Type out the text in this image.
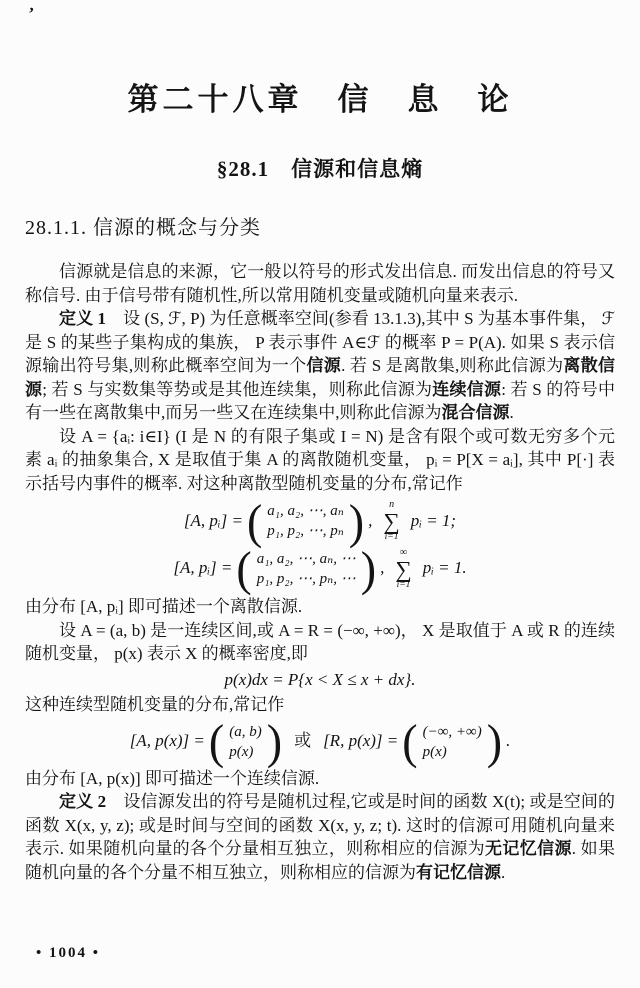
ʼ
第二十八章　信　息　论
§28.1　信源和信息熵
28.1.1. 信源的概念与分类

信源就是信息的来源，它一般以符号的形式发出信息. 而发出信息的符号又称信号. 由于信号带有随机性,所以常用随机变量或随机向量来表示.

定义 1　设 (S, ℱ, P) 为任意概率空间(参看 13.1.3),其中 S 为基本事件集， ℱ 是 S 的某些子集构成的集族， P 表示事件 A∈ℱ 的概率 P = P(A). 如果 S 表示信源输出符号集,则称此概率空间为一个信源. 若 S 是离散集,则称此信源为离散信源; 若 S 与实数集等势或是其他连续集，则称此信源为连续信源: 若 S 的符号中有一些在离散集中,而另一些又在连续集中,则称此信源为混合信源.

设 A = {aᵢ: i∈I} (I 是 N 的有限子集或 I = N) 是含有限个或可数无穷多个元素 aᵢ 的抽象集合, X 是取值于集 A 的离散随机变量， pᵢ = P[X = aᵢ], 其中 P[·] 表示括号内事件的概率. 对这种离散型随机变量的分布,常记作

[A, pᵢ] = ( a₁, a₂, ⋯, aₙ
p₁, p₂, ⋯, pₙ ) ,
n
∑
i=1
pᵢ = 1;
[A, pᵢ] = ( a₁, a₂, ⋯, aₙ, ⋯
p₁, p₂, ⋯, pₙ, ⋯ ) ,
∞
∑
i=1
pᵢ = 1.

由分布 [A, pᵢ] 即可描述一个离散信源.

设 A = (a, b) 是一连续区间,或 A = R = (−∞, +∞)， X 是取值于 A 或 R 的连续随机变量， p(x) 表示 X 的概率密度,即

p(x)dx = P{x < X ≤ x + dx}.

这种连续型随机变量的分布,常记作

[A, p(x)] = ( (a, b)
p(x) ) 或 [R, p(x)] = ( (−∞, +∞)
p(x) ) .

由分布 [A, p(x)] 即可描述一个连续信源.

定义 2　设信源发出的符号是随机过程,它或是时间的函数 X(t); 或是空间的函数 X(x, y, z); 或是时间与空间的函数 X(x, y, z; t). 这时的信源可用随机向量来表示. 如果随机向量的各个分量相互独立，则称相应的信源为无记忆信源. 如果随机向量的各个分量不相互独立，则称相应的信源为有记忆信源.

• 1004 •
